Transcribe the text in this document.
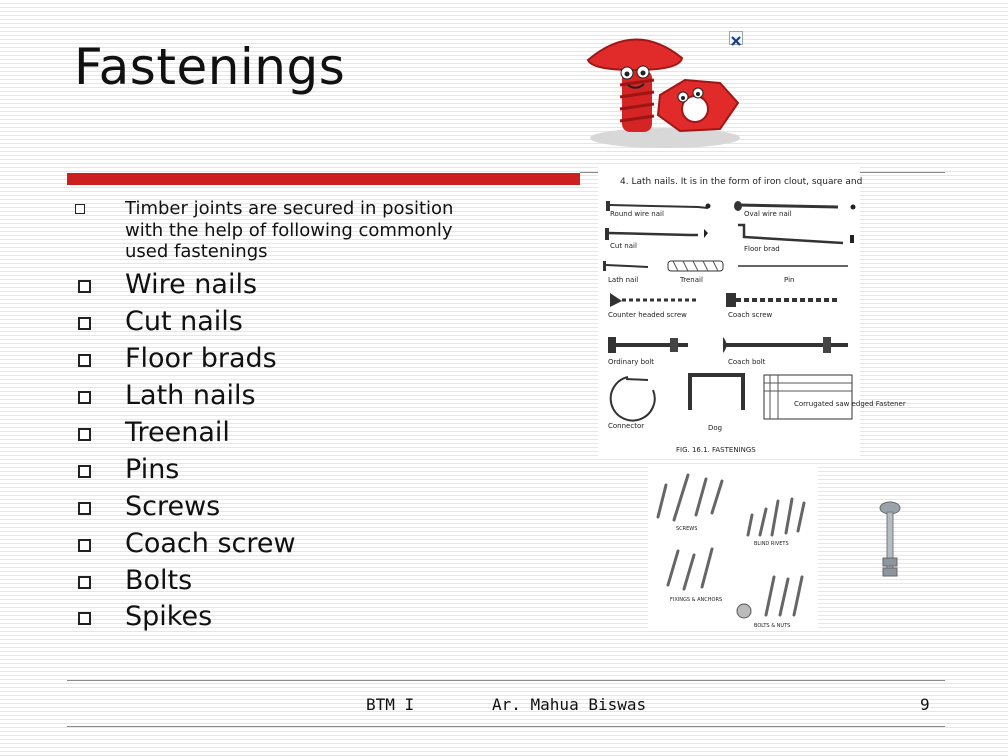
Fastenings
Timber joints are secured in position with the help of following commonly used fastenings
Wire nails
Cut nails
Floor brads
Lath nails
Treenail
Pins
Screws
Coach screw
Bolts
Spikes
4. Lath nails. It is in the form of iron clout, square and
Round wire nail	Oval wire nail
Cut nail	Floor brad
Lath nail	Trenail	Pin
Counter headed screw	Coach screw
Ordinary bolt	Coach bolt
Connector	Dog
Corrugated saw edged Fastener
FIG. 16.1. FASTENINGS
SCREWS
BLIND RIVETS
FIXINGS & ANCHORS
BOLTS & NUTS
BTM I	Ar. Mahua Biswas	9
